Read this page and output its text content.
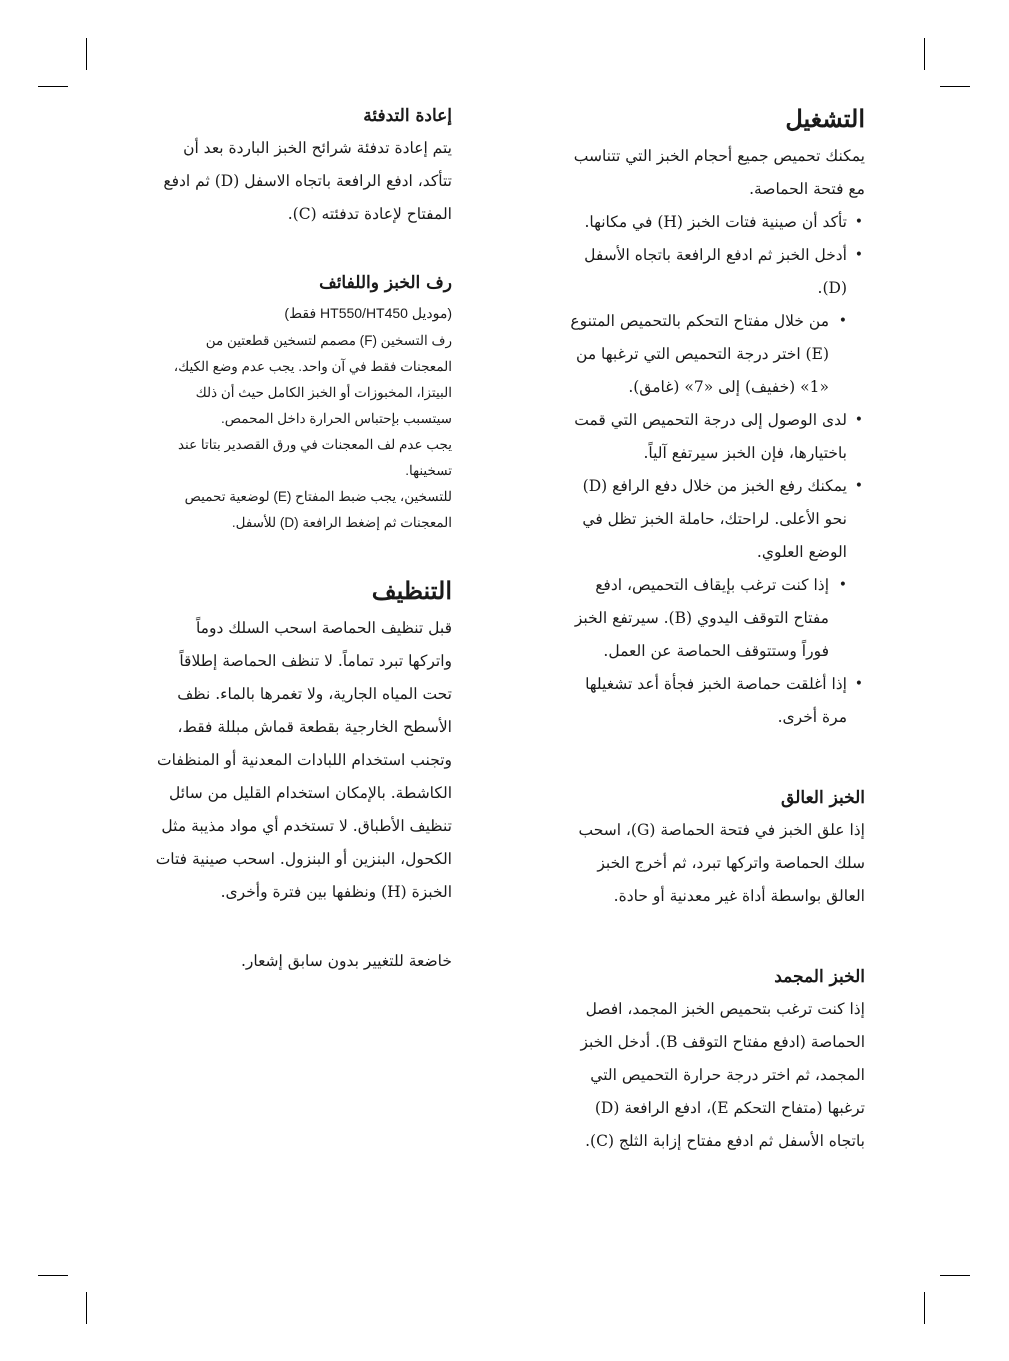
التشغيل

يمكنك تحميص جميع أحجام الخبز التي تتناسب مع فتحة الحماصة.

• تأكد أن صينية فتات الخبز (H) في مكانها.
• أدخل الخبز ثم ادفع الرافعة باتجاه الأسفل (D).
• من خلال مفتاح التحكم بالتحميص المتنوع (E) اختر درجة التحميص التي ترغبها من «1» (خفيف) إلى «7» (غامق).
• لدى الوصول إلى درجة التحميص التي قمت باختيارها، فإن الخبز سيرتفع آلياً.
• يمكنك رفع الخبز من خلال دفع الرافع (D) نحو الأعلى. لراحتك، حاملة الخبز تظل في الوضع العلوي.
• إذا كنت ترغب بإيقاف التحميص، ادفع مفتاح التوقف اليدوي (B). سيرتفع الخبز فوراً وستتوقف الحماصة عن العمل.
• إذا أغلقت حماصة الخبز فجأة أعد تشغيلها مرة أخرى.
الخبز العالق

إذا علق الخبز في فتحة الحماصة (G)، اسحب سلك الحماصة واتركها تبرد، ثم أخرج الخبز العالق بواسطة أداة غير معدنية أو حادة.

الخبز المجمد

إذا كنت ترغب بتحميص الخبز المجمد، افصل الحماصة (ادفع مفتاح التوقف B). أدخل الخبز المجمد، ثم اختر درجة حرارة التحميص التي ترغبها (متفاح التحكم E)، ادفع الرافعة (D) باتجاه الأسفل ثم ادفع مفتاح إزابة الثلج (C).

إعادة التدفئة

يتم إعادة تدفئة شرائح الخبز الباردة بعد أن تتأكد، ادفع الرافعة باتجاه الاسفل (D) ثم ادفع المفتاح لإعادة تدفئته (C).

رف الخبز واللفائف

(موديل HT550/HT450 فقط)

رف التسخين (F) مصمم لتسخين قطعتين من المعجنات فقط في آن واحد. يجب عدم وضع الكيك، البيتزا، المخبوزات أو الخبز الكامل حيث أن ذلك سيتسبب بإحتباس الحرارة داخل المحمص.

يجب عدم لف المعجنات في ورق القصدير بتاتا عند تسخينها.

للتسخين، يجب ضبط المفتاح (E) لوضعية تحميص المعجنات ثم إضغط الرافعة (D) للأسفل.

التنظيف

قبل تنظيف الحماصة اسحب السلك دوماً واتركها تبرد تماماً. لا تنظف الحماصة إطلاقاً تحت المياه الجارية، ولا تغمرها بالماء. نظف الأسطح الخارجية بقطعة قماش مبللة فقط، وتجنب استخدام اللبادات المعدنية أو المنظفات الكاشطة. بالإمكان استخدام القليل من سائل تنظيف الأطباق. لا تستخدم أي مواد مذيبة مثل الكحول، البنزين أو البنزول. اسحب صينية فتات الخبزة (H) ونظفها بين فترة وأخرى.

خاضعة للتغيير بدون سابق إشعار.
